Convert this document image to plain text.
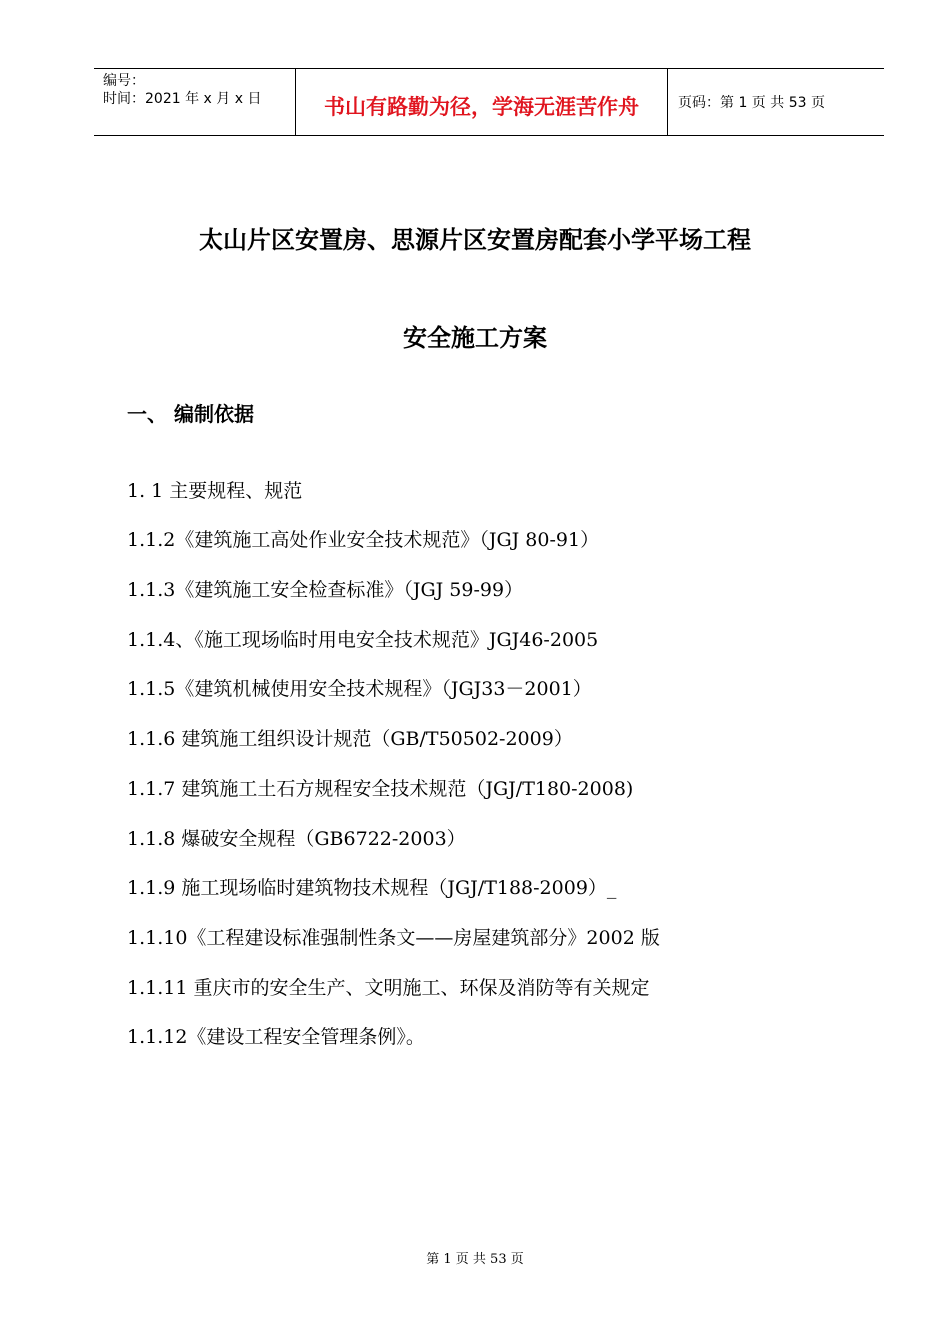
编号：
时间：2021 年 x 月 x 日	书山有路勤为径，学海无涯苦作舟	页码：第 1 页 共 53 页
太山片区安置房、思源片区安置房配套小学平场工程
安全施工方案
一、 编制依据
1. 1 主要规程、规范
1.1.2《建筑施工高处作业安全技术规范》（JGJ 80-91）
1.1.3《建筑施工安全检查标准》（JGJ 59-99）
1.1.4、《施工现场临时用电安全技术规范》JGJ46-2005
1.1.5《建筑机械使用安全技术规程》（JGJ33－2001）
1.1.6 建筑施工组织设计规范（GB/T50502-2009）
1.1.7 建筑施工土石方规程安全技术规范（JGJ/T180-2008)
1.1.8 爆破安全规程（GB6722-2003）
1.1.9 施工现场临时建筑物技术规程（JGJ/T188-2009）_
1.1.10《工程建设标准强制性条文——房屋建筑部分》2002 版
1.1.11 重庆市的安全生产、文明施工、环保及消防等有关规定
1.1.12《建设工程安全管理条例》。
第 1 页 共 53 页
